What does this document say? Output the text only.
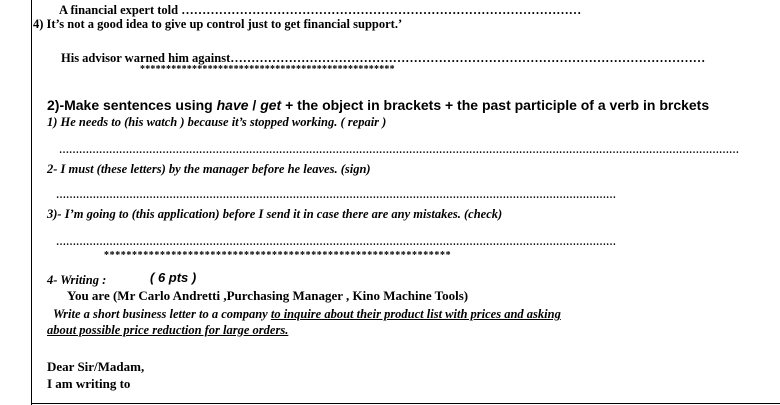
A financial expert told ……………………………………………………………………………………
4) It’s not a good idea to give up control just to get financial support.’
His advisor warned him against……………………………………………………………………………………………………
*************************************************
2)-Make sentences using have / get + the object in brackets + the past participle of a verb in brckets
1) He needs to (his watch ) because it’s stopped working. ( repair )
……………………………………………………………………………………………………………………………………………………………………………………
2- I must (these letters) by the manager before he leaves. (sign)
……………………………………………………………………………………………………………………………………………………
3)- I’m going to (this application) before I send it in case there are any mistakes. (check)
……………………………………………………………………………………………………………………………………………………
**************************************************************
4- Writing :	( 6 pts )
You are (Mr Carlo Andretti ,Purchasing Manager , Kino Machine Tools)
Write a short business letter to a company to inquire about their product list with prices and asking
about possible price reduction for large orders.
Dear Sir/Madam,
I am writing to
